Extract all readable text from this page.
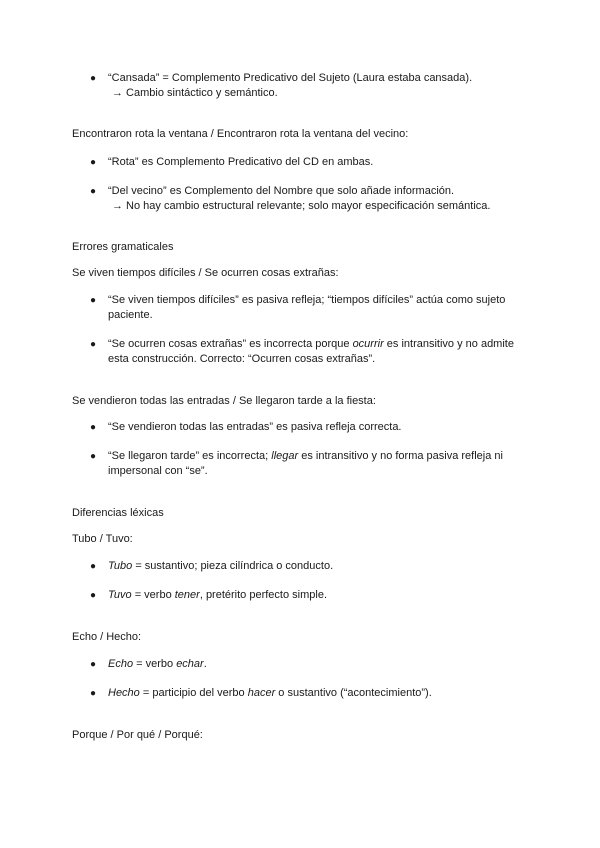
● “Cansada” = Complemento Predicativo del Sujeto (Laura estaba cansada).
→ Cambio sintáctico y semántico.
Encontraron rota la ventana / Encontraron rota la ventana del vecino:
● “Rota” es Complemento Predicativo del CD en ambas.
● “Del vecino” es Complemento del Nombre que solo añade información.
→ No hay cambio estructural relevante; solo mayor especificación semántica.
Errores gramaticales
Se viven tiempos difíciles / Se ocurren cosas extrañas:
● “Se viven tiempos difíciles” es pasiva refleja; “tiempos difíciles” actúa como sujeto
paciente.
● “Se ocurren cosas extrañas” es incorrecta porque ocurrir es intransitivo y no admite
esta construcción. Correcto: “Ocurren cosas extrañas”.
Se vendieron todas las entradas / Se llegaron tarde a la fiesta:
● “Se vendieron todas las entradas” es pasiva refleja correcta.
● “Se llegaron tarde” es incorrecta; llegar es intransitivo y no forma pasiva refleja ni
impersonal con “se”.
Diferencias léxicas
Tubo / Tuvo:
● Tubo = sustantivo; pieza cilíndrica o conducto.
● Tuvo = verbo tener, pretérito perfecto simple.
Echo / Hecho:
● Echo = verbo echar.
● Hecho = participio del verbo hacer o sustantivo (“acontecimiento”).
Porque / Por qué / Porqué:
